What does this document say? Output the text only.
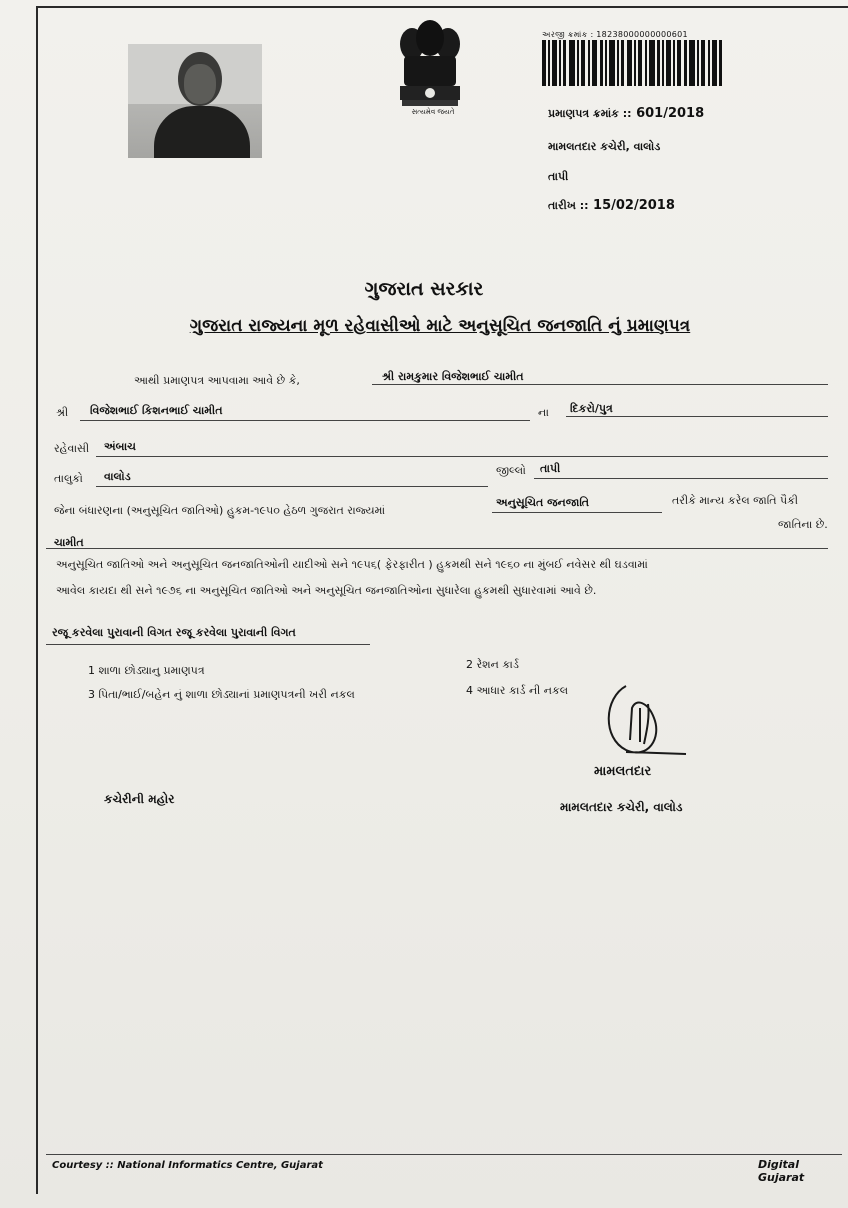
સત્યમેવ જયતે
અરજી ક્રમાંક : 18238000000000601
પ્રમાણપત્ર ક્રમાંક :: 601/2018
મામલતદાર કચેરી, વાલોડ
તાપી
તારીખ :: 15/02/2018
ગુજરાત સરકાર
ગુજરાત રાજ્યના મૂળ રહેવાસીઓ માટે અનુસૂચિત જનજાતિ નું પ્રમાણપત્ર
આથી પ્રમાણપત્ર આપવામા આવે છે કે,	શ્રી રામકુમાર વિજેશભાઈ ચામીત
શ્રી વિજેશભાઈ કિશનભાઈ ચામીત	ના દિકરો/પુત્ર
રહેવાસી અંબાચ
તાલુકો વાલોડ	જીલ્લો તાપી
જેના બંધારણના (અનુસૂચિત જાતિઓ) હુકમ-૧૯૫૦ હેઠળ ગુજરાત રાજ્યમાં
અનુસૂચિત જનજાતિ	તરીકે માન્ય કરેલ જાતિ પૈકી
જાતિના છે.
ચામીત
અનુસૂચિત જાતિઓ અને અનુસૂચિત જનજાતિઓની યાદીઓ સને ૧૯૫૬( ફેરફારીત ) હુકમથી સને ૧૯૬૦ ના મુંબઈ નવેસર થી ઘડવામાં
આવેલ કાયદા થી સને ૧૯૭૬ ના અનુસૂચિત જાતિઓ અને અનુસૂચિત જનજાતિઓના સુધારેલા હુકમથી સુધારવામાં આવે છે.
રજૂ કરવેલા પુરાવાની વિગત રજૂ કરવેલા પુરાવાની વિગત
1 શાળા છોડ્યાનુ પ્રમાણપત્ર	2 રેશન કાર્ડ
3 પિતા/ભાઈ/બહેન નું શાળા છોડ્યાનાં પ્રમાણપત્રની ખરી નકલ	4 આધાર કાર્ડ ની નકલ
મામલતદાર
મામલતદાર કચેરી, વાલોડ
કચેરીની મહોર
Courtesy :: National Informatics Centre, Gujarat	Digital Gujarat
